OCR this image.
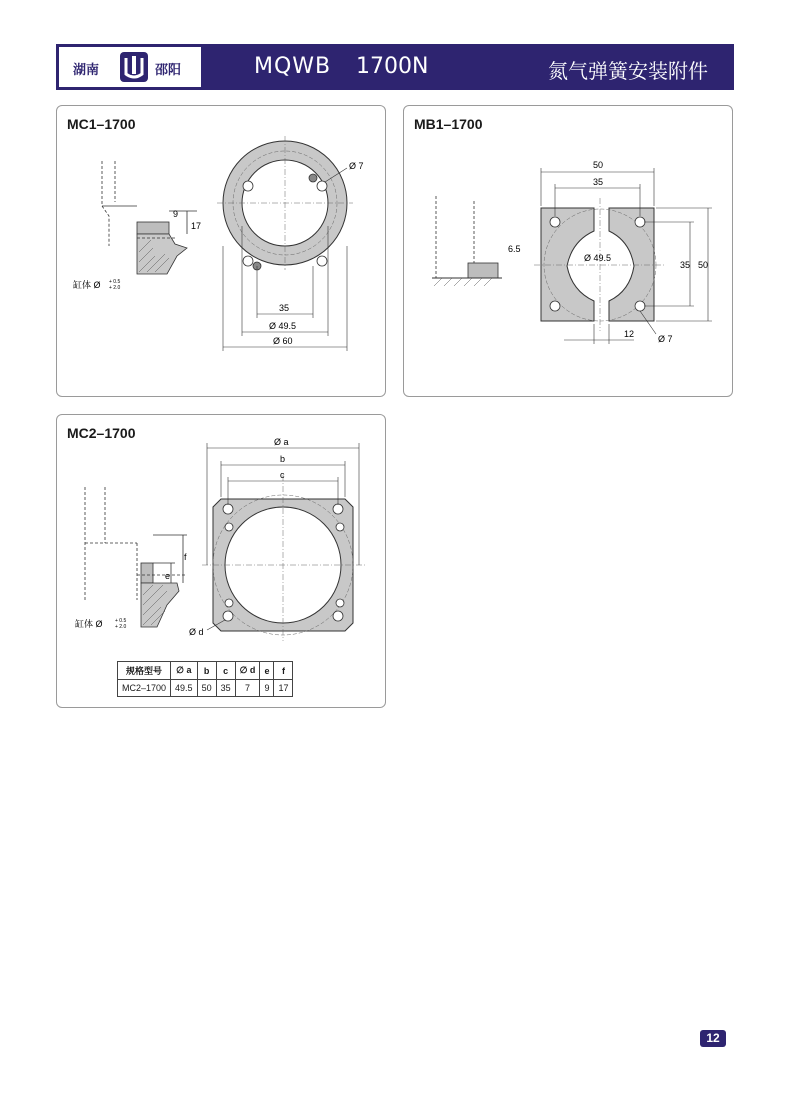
湖南	邵阳	MQWB 1700N	氮气弹簧安装附件
MC1–1700
9
17
缸体 Ø + 0.5
+ 2.0
Ø 7
35
Ø 49.5
Ø 60
MB1–1700
6.5
50
35
Ø 49.5
35 50
12	Ø 7
MC2–1700
f
e
缸体 Ø + 0.5
+ 2.0
Ø a
b
c
Ø d
规格型号	∅ a	b	c	∅ d	e	f
MC2–1700	49.5	50	35	7	9	17
12
